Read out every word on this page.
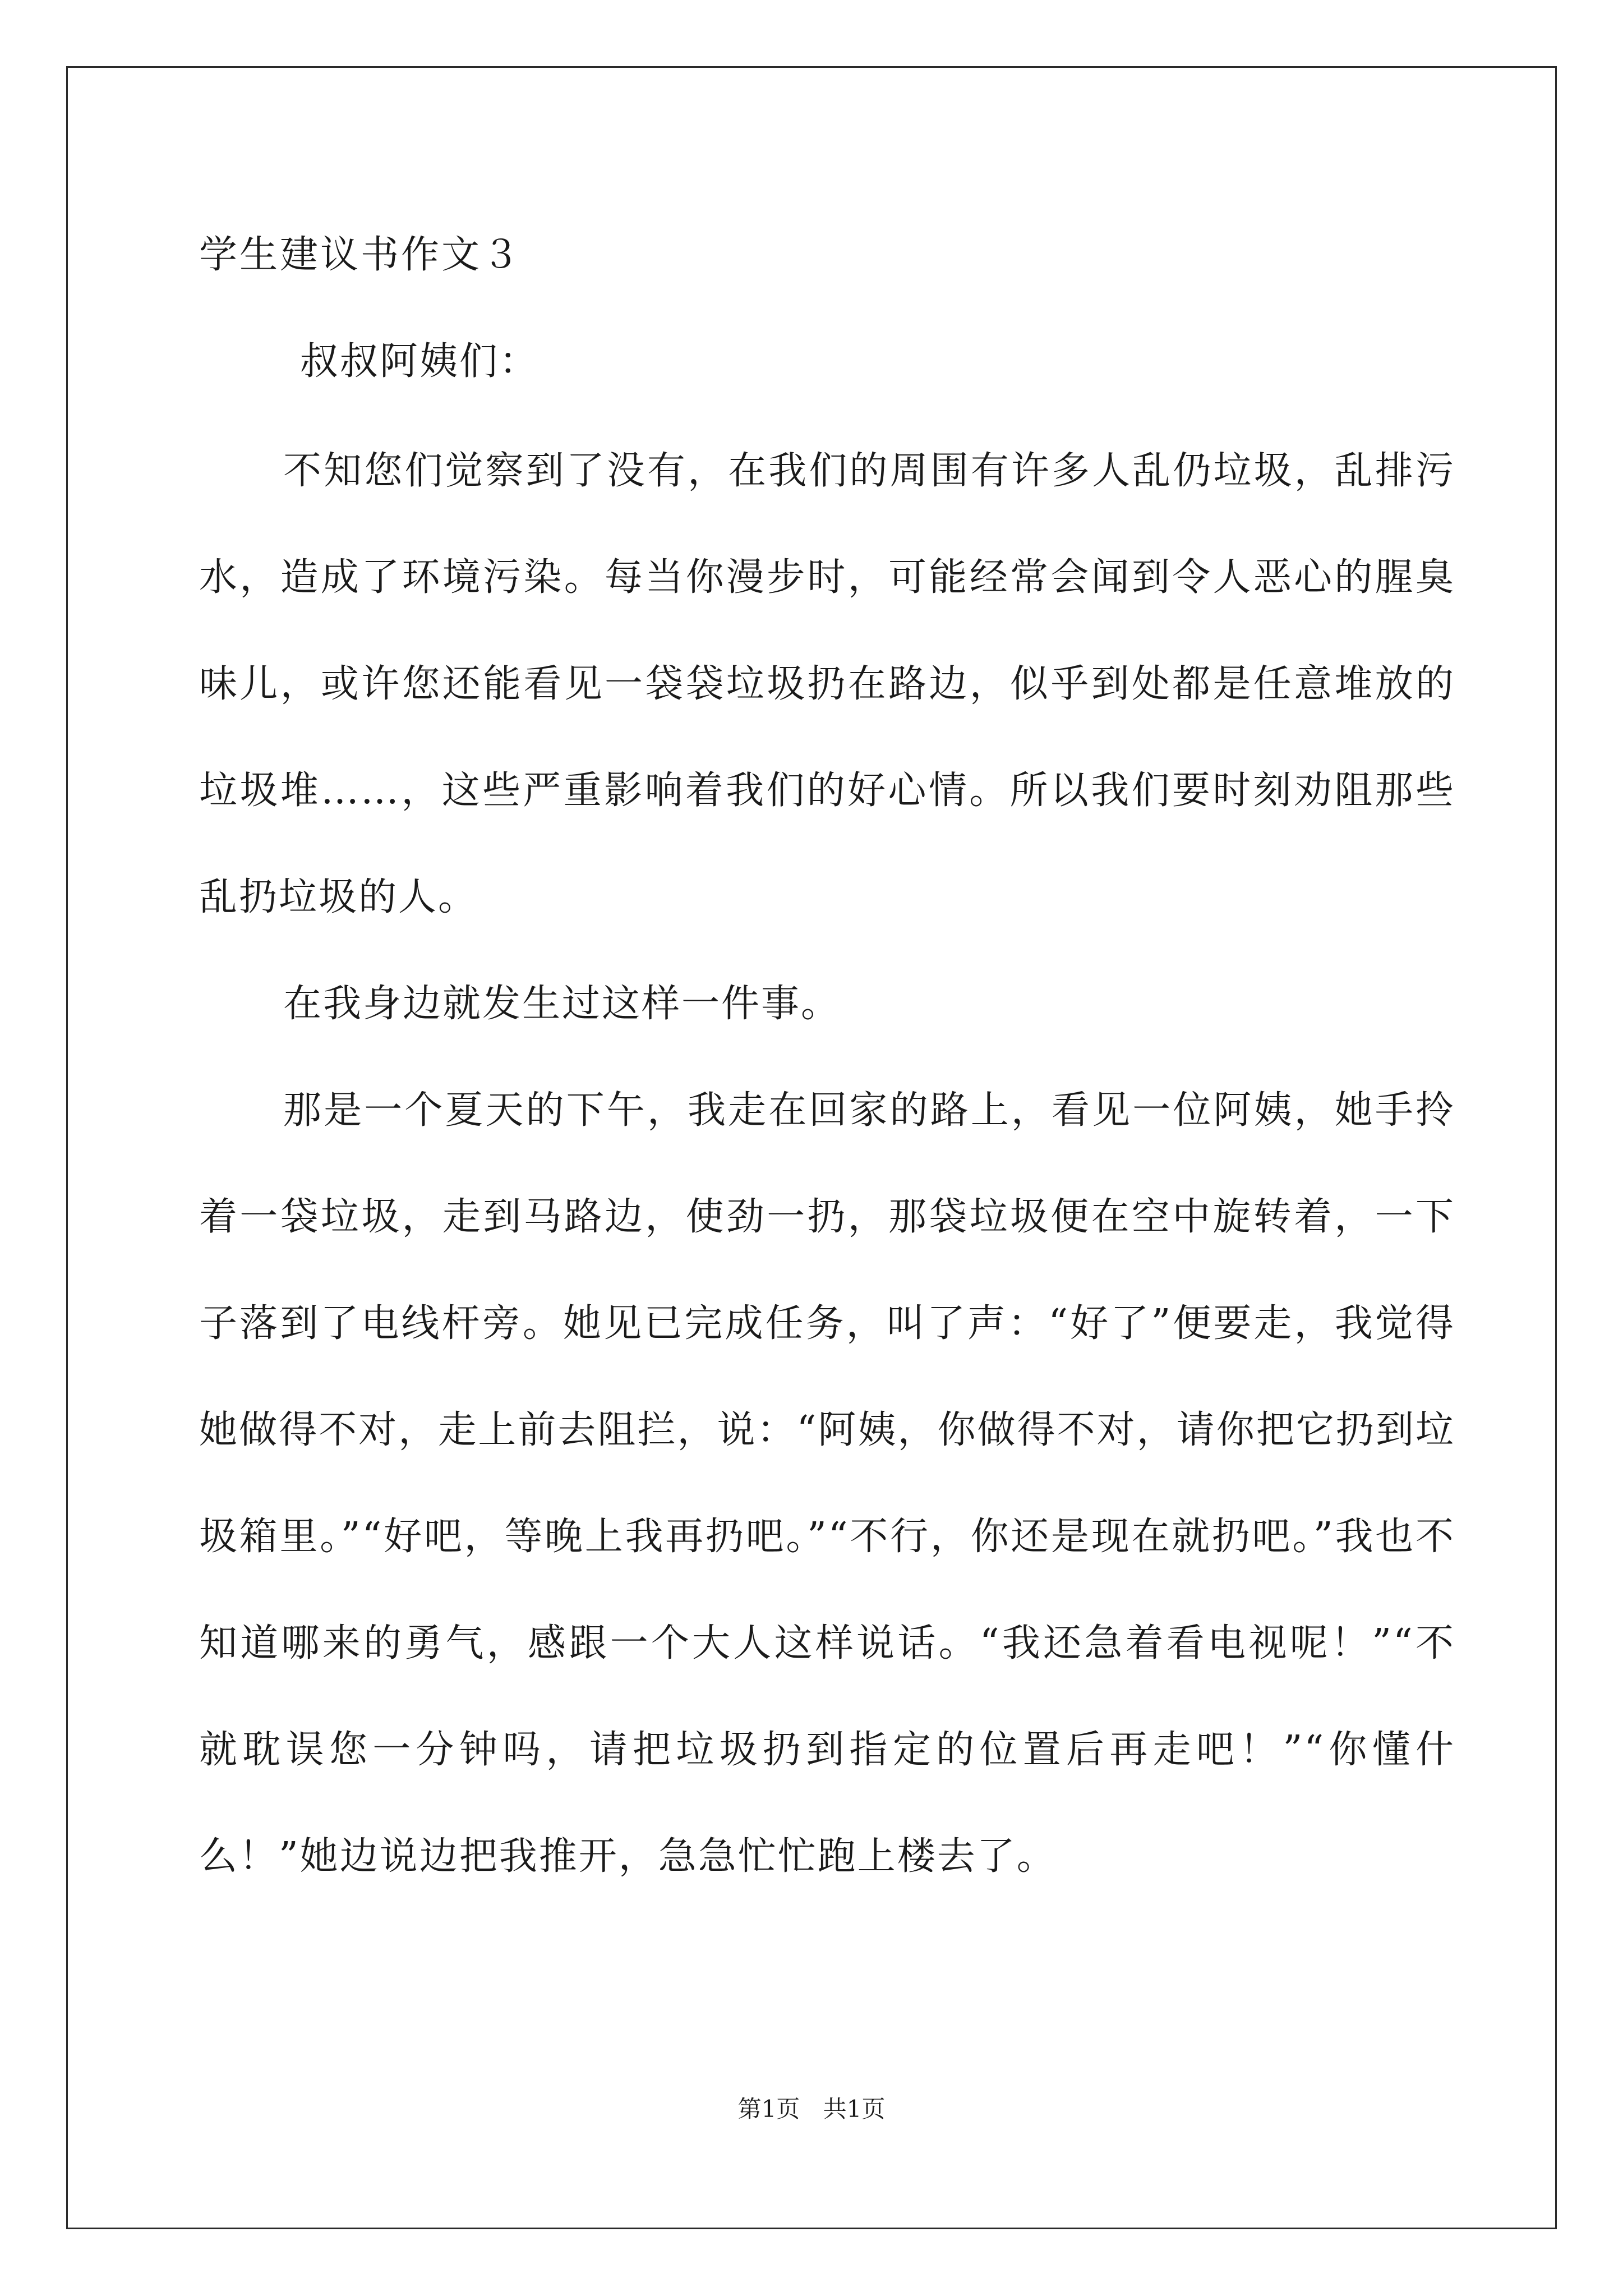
学生建议书作文３

叔叔阿姨们：

不知您们觉察到了没有，在我们的周围有许多人乱仍垃圾，乱排污水，造成了环境污染。每当你漫步时，可能经常会闻到令人恶心的腥臭味儿，或许您还能看见一袋袋垃圾扔在路边，似乎到处都是任意堆放的垃圾堆……，这些严重影响着我们的好心情。所以我们要时刻劝阻那些乱扔垃圾的人。

在我身边就发生过这样一件事。

那是一个夏天的下午，我走在回家的路上，看见一位阿姨，她手拎着一袋垃圾，走到马路边，使劲一扔，那袋垃圾便在空中旋转着，一下子落到了电线杆旁。她见已完成任务，叫了声：“好了”便要走，我觉得她做得不对，走上前去阻拦，说：“阿姨，你做得不对，请你把它扔到垃圾箱里。”“好吧，等晚上我再扔吧。”“不行，你还是现在就扔吧。”我也不知道哪来的勇气，感跟一个大人这样说话。“我还急着看电视呢！”“不就耽误您一分钟吗，请把垃圾扔到指定的位置后再走吧！”“你懂什么！”她边说边把我推开，急急忙忙跑上楼去了。

第1页 共1页
